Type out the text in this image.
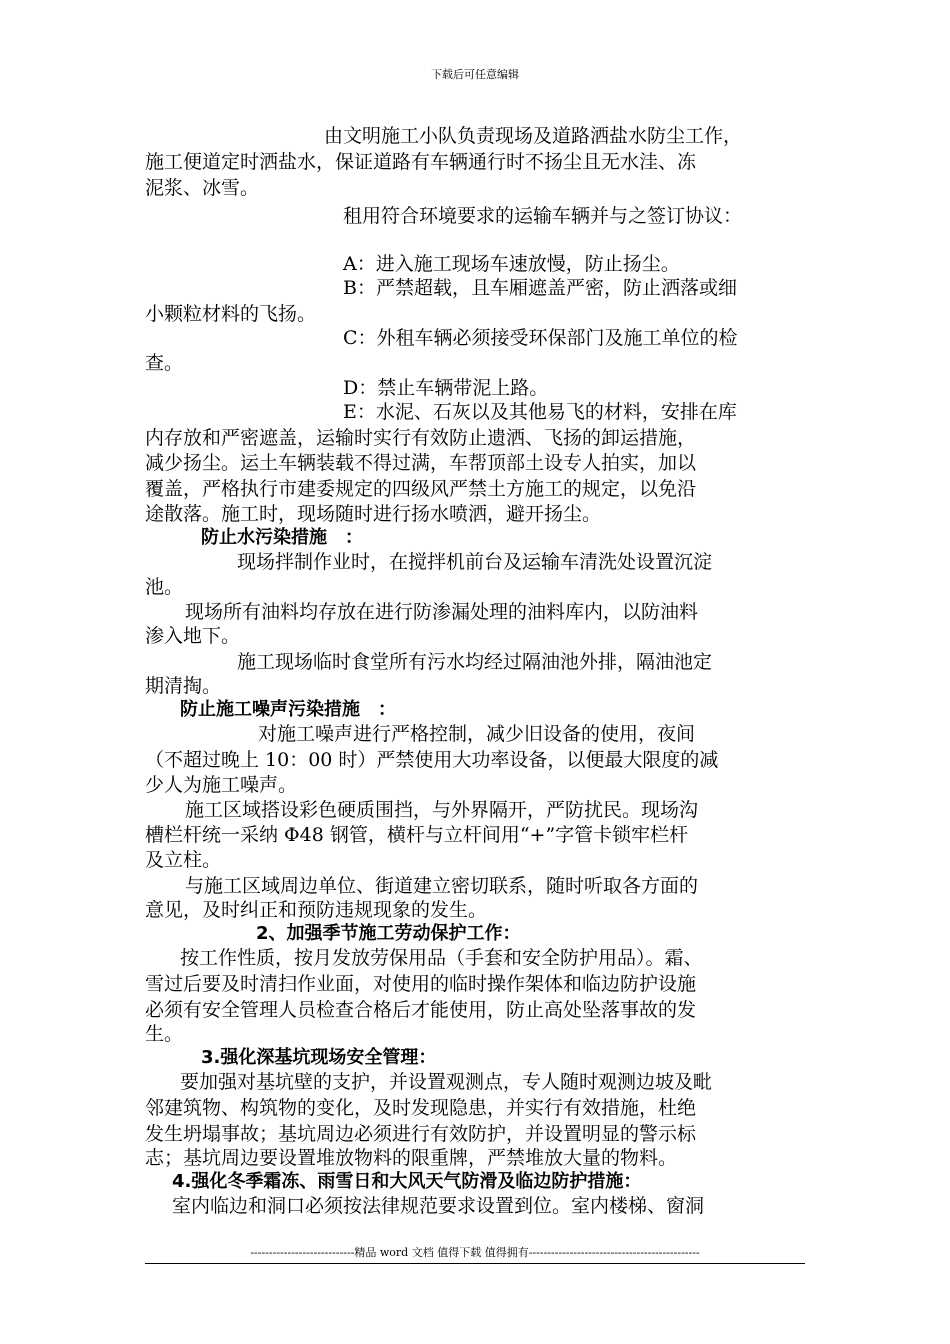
下载后可任意编辑
由文明施工小队负责现场及道路洒盐水防尘工作，
施工便道定时洒盐水，保证道路有车辆通行时不扬尘且无水洼、冻
泥浆、冰雪。
租用符合环境要求的运输车辆并与之签订协议：
A：进入施工现场车速放慢，防止扬尘。
B：严禁超载，且车厢遮盖严密，防止洒落或细
小颗粒材料的飞扬。
C：外租车辆必须接受环保部门及施工单位的检
查。
D：禁止车辆带泥上路。
E：水泥、石灰以及其他易飞的材料，安排在库
内存放和严密遮盖，运输时实行有效防止遗洒、飞扬的卸运措施，
减少扬尘。运土车辆装载不得过满，车帮顶部土设专人拍实，加以
覆盖，严格执行市建委规定的四级风严禁土方施工的规定，以免沿
途散落。施工时，现场随时进行扬水喷洒，避开扬尘。
防止水污染措施　：
现场拌制作业时，在搅拌机前台及运输车清洗处设置沉淀
池。
现场所有油料均存放在进行防渗漏处理的油料库内，以防油料
渗入地下。
施工现场临时食堂所有污水均经过隔油池外排，隔油池定
期清掏。
防止施工噪声污染措施　：
对施工噪声进行严格控制，减少旧设备的使用，夜间
（不超过晚上 10：00 时）严禁使用大功率设备，以便最大限度的减
少人为施工噪声。
施工区域搭设彩色硬质围挡，与外界隔开，严防扰民。现场沟
槽栏杆统一采纳 Φ48 钢管，横杆与立杆间用“+”字管卡锁牢栏杆
及立柱。
与施工区域周边单位、街道建立密切联系，随时听取各方面的
意见，及时纠正和预防违规现象的发生。
2、加强季节施工劳动保护工作：
按工作性质，按月发放劳保用品（手套和安全防护用品）。霜、
雪过后要及时清扫作业面，对使用的临时操作架体和临边防护设施
必须有安全管理人员检查合格后才能使用，防止高处坠落事故的发
生。
3.强化深基坑现场安全管理：
要加强对基坑壁的支护，并设置观测点，专人随时观测边坡及毗
邻建筑物、构筑物的变化，及时发现隐患，并实行有效措施，杜绝
发生坍塌事故；基坑周边必须进行有效防护，并设置明显的警示标
志；基坑周边要设置堆放物料的限重牌，严禁堆放大量的物料。
4.强化冬季霜冻、雨雪日和大风天气防滑及临边防护措施：
室内临边和洞口必须按法律规范要求设置到位。室内楼梯、窗洞
----------------------------精品 word 文档 值得下载 值得拥有----------------------------------------------
